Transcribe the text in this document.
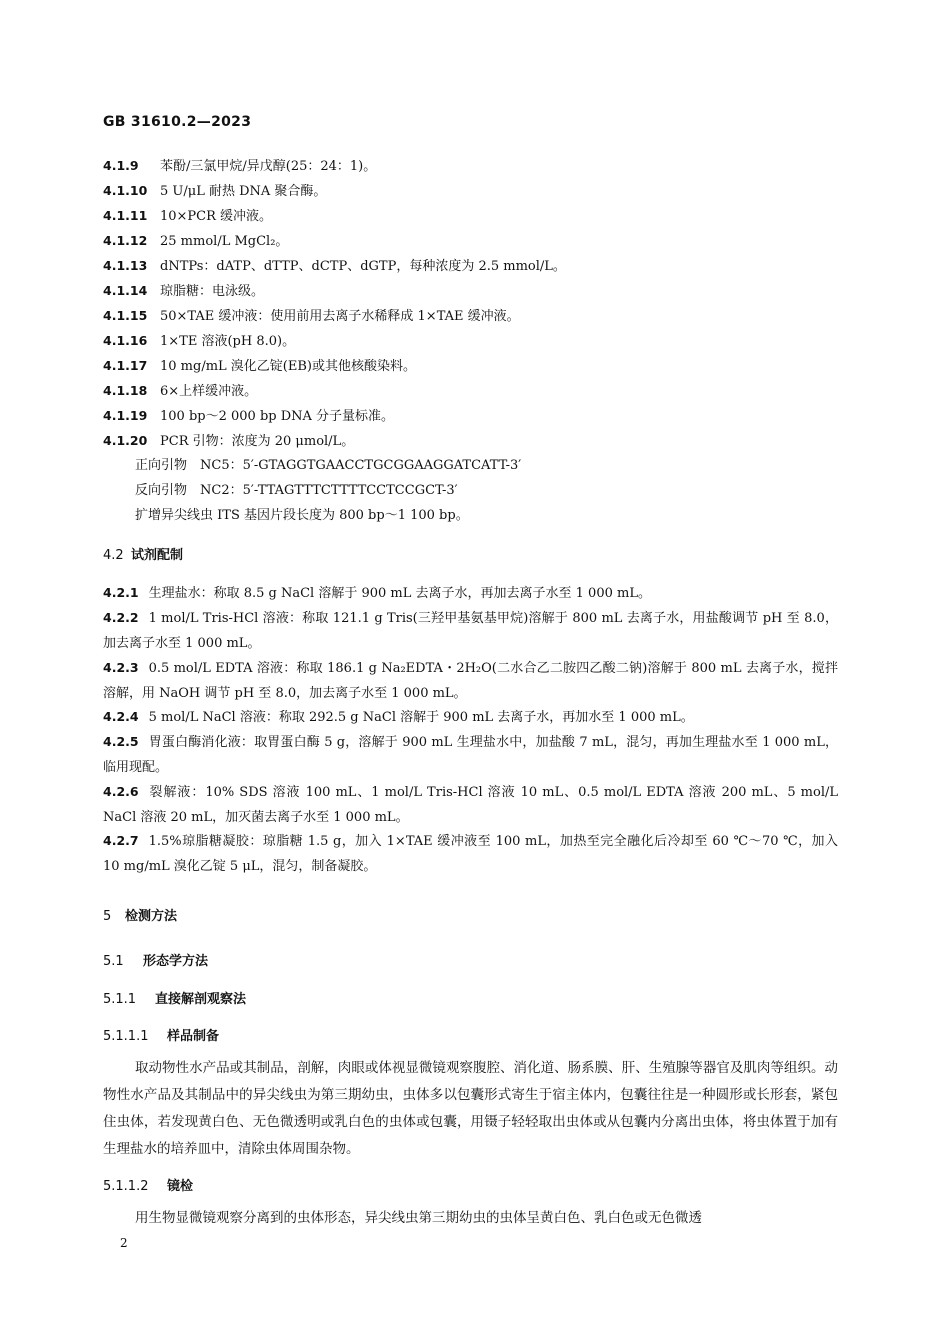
GB 31610.2—2023
4.1.9 苯酚/三氯甲烷/异戊醇(25：24：1)。
4.1.10 5 U/μL 耐热 DNA 聚合酶。
4.1.11 10×PCR 缓冲液。
4.1.12 25 mmol/L MgCl₂。
4.1.13 dNTPs：dATP、dTTP、dCTP、dGTP，每种浓度为 2.5 mmol/L。
4.1.14 琼脂糖：电泳级。
4.1.15 50×TAE 缓冲液：使用前用去离子水稀释成 1×TAE 缓冲液。
4.1.16 1×TE 溶液(pH 8.0)。
4.1.17 10 mg/mL 溴化乙锭(EB)或其他核酸染料。
4.1.18 6×上样缓冲液。
4.1.19 100 bp～2 000 bp DNA 分子量标准。
4.1.20 PCR 引物：浓度为 20 μmol/L。
正向引物　NC5：5′-GTAGGTGAACCTGCGGAAGGATCATT-3′
反向引物　NC2：5′-TTAGTTTCTTTTCCTCCGCT-3′
扩增异尖线虫 ITS 基因片段长度为 800 bp～1 100 bp。
4.2 试剂配制
4.2.1 生理盐水：称取 8.5 g NaCl 溶解于 900 mL 去离子水，再加去离子水至 1 000 mL。
4.2.2 1 mol/L Tris-HCl 溶液：称取 121.1 g Tris(三羟甲基氨基甲烷)溶解于 800 mL 去离子水，用盐酸调节 pH 至 8.0，加去离子水至 1 000 mL。
4.2.3 0.5 mol/L EDTA 溶液：称取 186.1 g Na₂EDTA・2H₂O(二水合乙二胺四乙酸二钠)溶解于 800 mL 去离子水，搅拌溶解，用 NaOH 调节 pH 至 8.0，加去离子水至 1 000 mL。
4.2.4 5 mol/L NaCl 溶液：称取 292.5 g NaCl 溶解于 900 mL 去离子水，再加水至 1 000 mL。
4.2.5 胃蛋白酶消化液：取胃蛋白酶 5 g，溶解于 900 mL 生理盐水中，加盐酸 7 mL，混匀，再加生理盐水至 1 000 mL，临用现配。
4.2.6 裂解液：10% SDS 溶液 100 mL、1 mol/L Tris-HCl 溶液 10 mL、0.5 mol/L EDTA 溶液 200 mL、5 mol/L NaCl 溶液 20 mL，加灭菌去离子水至 1 000 mL。
4.2.7 1.5%琼脂糖凝胶：琼脂糖 1.5 g，加入 1×TAE 缓冲液至 100 mL，加热至完全融化后冷却至 60 ℃～70 ℃，加入 10 mg/mL 溴化乙锭 5 μL，混匀，制备凝胶。
5 检测方法
5.1 形态学方法
5.1.1 直接解剖观察法
5.1.1.1 样品制备
取动物性水产品或其制品，剖解，肉眼或体视显微镜观察腹腔、消化道、肠系膜、肝、生殖腺等器官及肌肉等组织。动物性水产品及其制品中的异尖线虫为第三期幼虫，虫体多以包囊形式寄生于宿主体内，包囊往往是一种圆形或长形套，紧包住虫体，若发现黄白色、无色微透明或乳白色的虫体或包囊，用镊子轻轻取出虫体或从包囊内分离出虫体，将虫体置于加有生理盐水的培养皿中，清除虫体周围杂物。
5.1.1.2 镜检
用生物显微镜观察分离到的虫体形态，异尖线虫第三期幼虫的虫体呈黄白色、乳白色或无色微透
2
